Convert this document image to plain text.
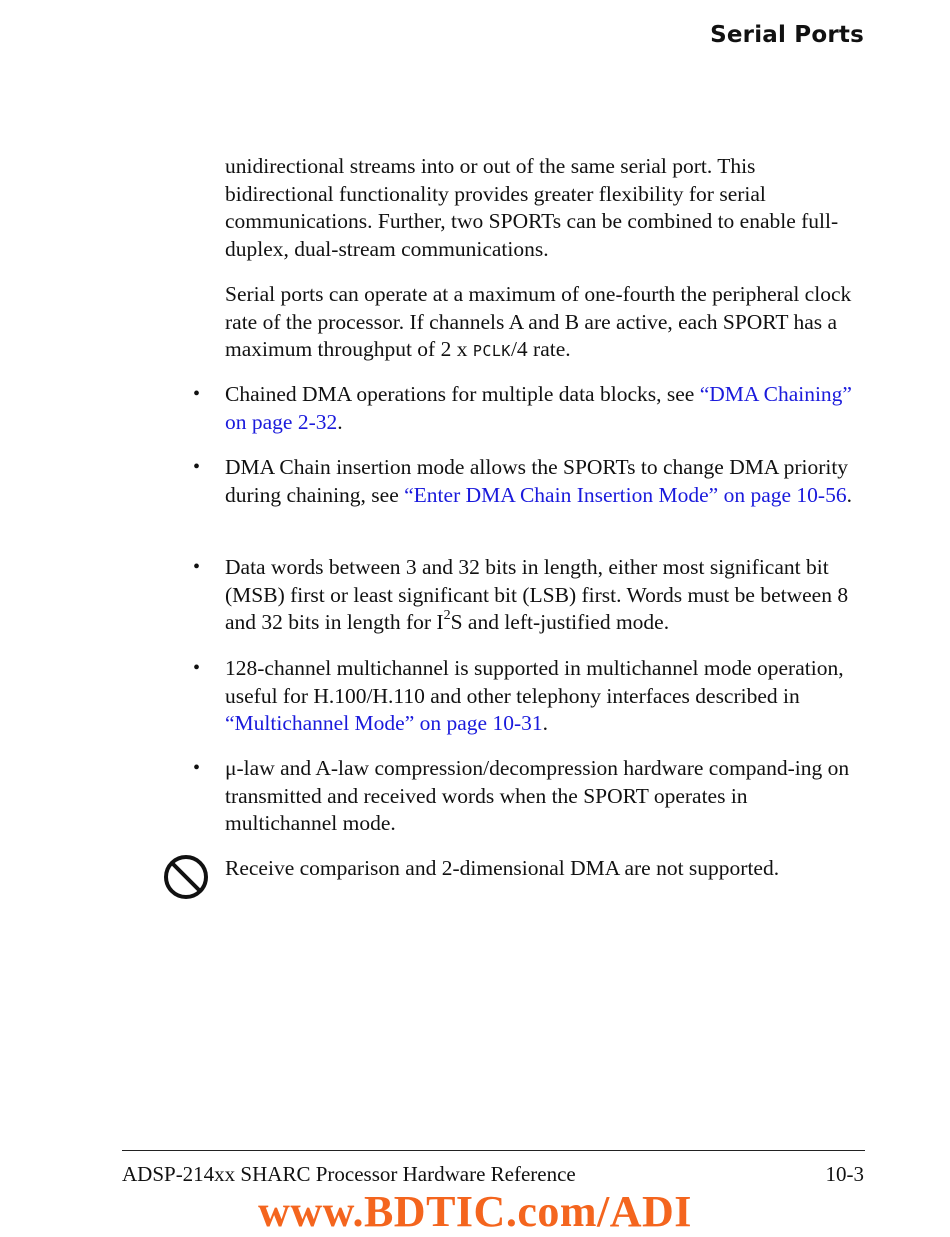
Serial Ports

unidirectional streams into or out of the same serial port. This bidirectional functionality provides greater flexibility for serial communications. Further, two SPORTs can be combined to enable full-duplex, dual-stream communications.

Serial ports can operate at a maximum of one-fourth the peripheral clock rate of the processor. If channels A and B are active, each SPORT has a maximum throughput of 2 x PCLK/4 rate.

• Chained DMA operations for multiple data blocks, see “DMA Chaining” on page 2-32.
• DMA Chain insertion mode allows the SPORTs to change DMA priority during chaining, see “Enter DMA Chain Insertion Mode” on page 10-56.
• Data words between 3 and 32 bits in length, either most significant bit (MSB) first or least significant bit (LSB) first. Words must be between 8 and 32 bits in length for $I^2S$ and left-justified mode.
• 128-channel multichannel is supported in multichannel mode operation, useful for H.100/H.110 and other telephony interfaces described in “Multichannel Mode” on page 10-31.
• μ-law and A-law compression/decompression hardware compand-ing on transmitted and received words when the SPORT operates in multichannel mode.

Receive comparison and 2-dimensional DMA are not supported.

ADSP-214xx SHARC Processor Hardware Reference	10-3
www.BDTIC.com/ADI
